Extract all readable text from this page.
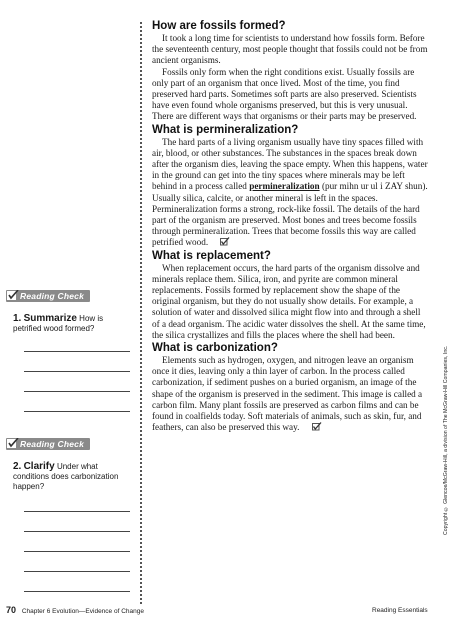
Reading Check
1. Summarize How is petrified wood formed?
Reading Check
2. Clarify Under what conditions does carbonization happen?
How are fossils formed?

It took a long time for scientists to understand how fossils form. Before the seventeenth century, most people thought that fossils could not be from ancient organisms.

Fossils only form when the right conditions exist. Usually fossils are only part of an organism that once lived. Most of the time, you find preserved hard parts. Sometimes soft parts are also preserved. Scientists have even found whole organisms preserved, but this is very unusual. There are different ways that organisms or their parts may be preserved.

What is permineralization?

The hard parts of a living organism usually have tiny spaces filled with air, blood, or other substances. The substances in the spaces break down after the organism dies, leaving the space empty. When this happens, water in the ground can get into the tiny spaces where minerals may be left behind in a process called permineralization (pur mihn ur ul i ZAY shun). Usually silica, calcite, or another mineral is left in the spaces. Permineralization forms a strong, rock-like fossil. The details of the hard part of the organism are preserved. Most bones and trees become fossils through permineralization. Trees that become fossils this way are called petrified wood.

What is replacement?

When replacement occurs, the hard parts of the organism dissolve and minerals replace them. Silica, iron, and pyrite are common mineral replacements. Fossils formed by replacement show the shape of the original organism, but they do not usually show details. For example, a solution of water and dissolved silica might flow into and through a shell of a dead organism. The acidic water dissolves the shell. At the same time, the silica crystallizes and fills the places where the shell had been.

What is carbonization?

Elements such as hydrogen, oxygen, and nitrogen leave an organism once it dies, leaving only a thin layer of carbon. In the process called carbonization, if sediment pushes on a buried organism, an image of the shape of the organism is preserved in the sediment. This image is called a carbon film. Many plant fossils are preserved as carbon films and can be found in coalfields today. Soft materials of animals, such as skin, fur, and feathers, can also be preserved this way.	Copyright © Glencoe/McGraw-Hill, a division of The McGraw-Hill Companies, Inc.
70 Chapter 6 Evolution—Evidence of Change	Reading Essentials
